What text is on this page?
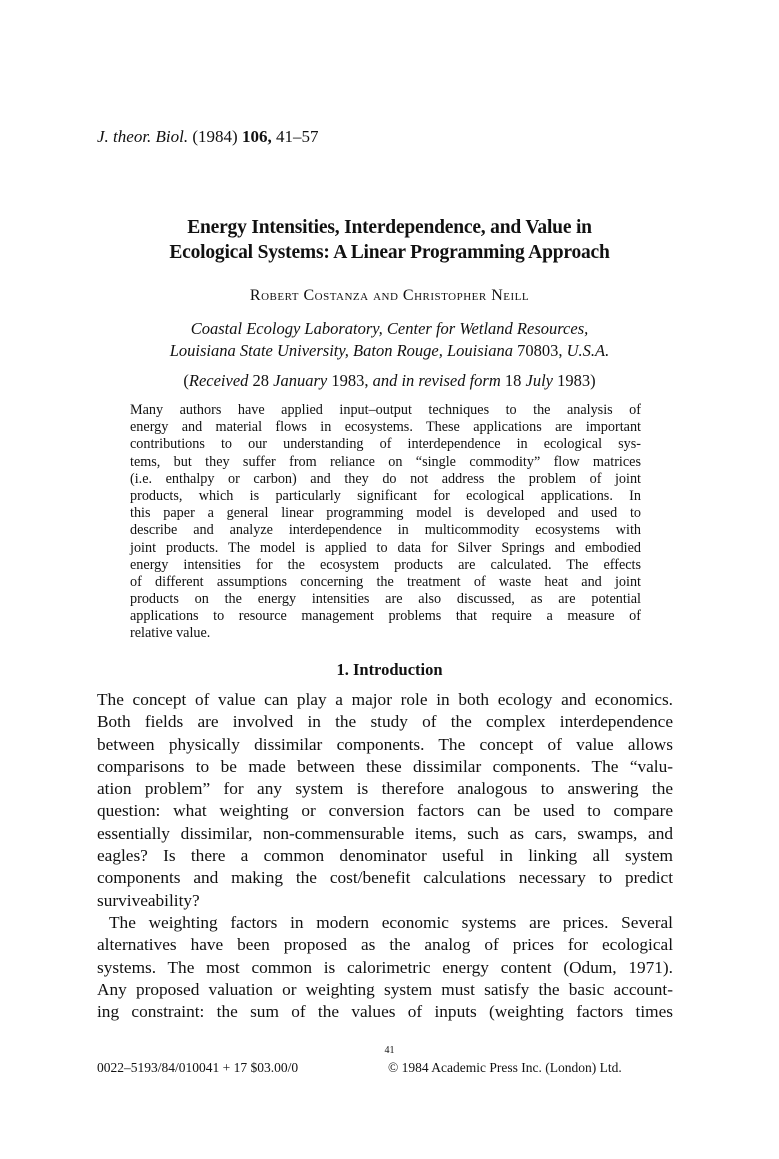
J. theor. Biol. (1984) 106, 41–57
Energy Intensities, Interdependence, and Value in
Ecological Systems: A Linear Programming Approach
Robert Costanza and Christopher Neill
Coastal Ecology Laboratory, Center for Wetland Resources,
Louisiana State University, Baton Rouge, Louisiana 70803, U.S.A.
(Received 28 January 1983, and in revised form 18 July 1983)
Many authors have applied input–output techniques to the analysis of
energy and material flows in ecosystems. These applications are important
contributions to our understanding of interdependence in ecological sys-
tems, but they suffer from reliance on “single commodity” flow matrices
(i.e. enthalpy or carbon) and they do not address the problem of joint
products, which is particularly significant for ecological applications. In
this paper a general linear programming model is developed and used to
describe and analyze interdependence in multicommodity ecosystems with
joint products. The model is applied to data for Silver Springs and embodied
energy intensities for the ecosystem products are calculated. The effects
of different assumptions concerning the treatment of waste heat and joint
products on the energy intensities are also discussed, as are potential
applications to resource management problems that require a measure of
relative value.
1. Introduction
The concept of value can play a major role in both ecology and economics.
Both fields are involved in the study of the complex interdependence
between physically dissimilar components. The concept of value allows
comparisons to be made between these dissimilar components. The “valu-
ation problem” for any system is therefore analogous to answering the
question: what weighting or conversion factors can be used to compare
essentially dissimilar, non-commensurable items, such as cars, swamps, and
eagles? Is there a common denominator useful in linking all system
components and making the cost/benefit calculations necessary to predict
surviveability?
The weighting factors in modern economic systems are prices. Several
alternatives have been proposed as the analog of prices for ecological
systems. The most common is calorimetric energy content (Odum, 1971).
Any proposed valuation or weighting system must satisfy the basic account-
ing constraint: the sum of the values of inputs (weighting factors times
41
0022–5193/84/010041 + 17 $03.00/0	© 1984 Academic Press Inc. (London) Ltd.
